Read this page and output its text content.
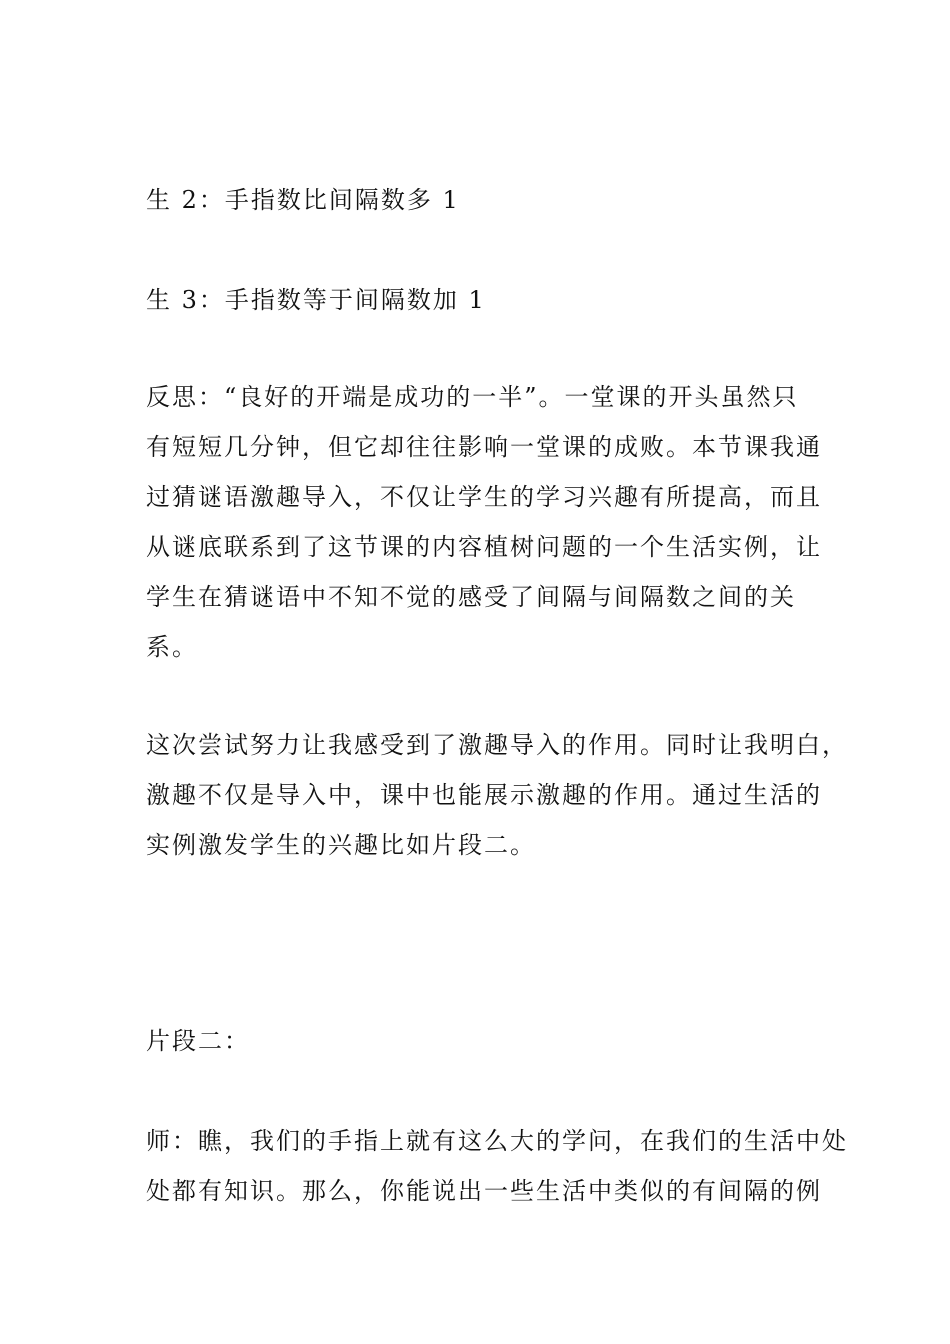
生 2：手指数比间隔数多 1

生 3：手指数等于间隔数加 1

反思：“良好的开端是成功的一半”。一堂课的开头虽然只
有短短几分钟，但它却往往影响一堂课的成败。本节课我通
过猜谜语激趣导入，不仅让学生的学习兴趣有所提高，而且
从谜底联系到了这节课的内容植树问题的一个生活实例，让
学生在猜谜语中不知不觉的感受了间隔与间隔数之间的关
系。

这次尝试努力让我感受到了激趣导入的作用。同时让我明白，
激趣不仅是导入中，课中也能展示激趣的作用。通过生活的
实例激发学生的兴趣比如片段二。

片段二：

师：瞧，我们的手指上就有这么大的学问，在我们的生活中处
处都有知识。那么，你能说出一些生活中类似的有间隔的例
